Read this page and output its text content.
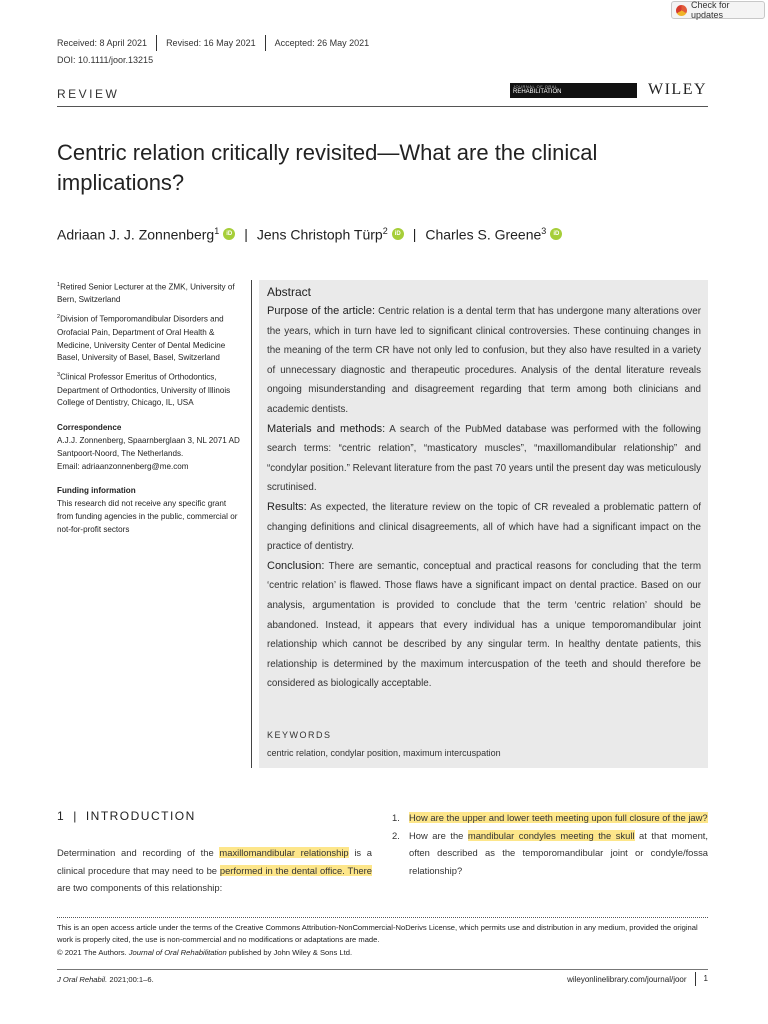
Check for updates
Received: 8 April 2021	Revised: 16 May 2021	Accepted: 26 May 2021
DOI: 10.1111/joor.13215
REVIEW
JOURNAL OF ORAL
REHABILITATION	WILEY
Centric relation critically revisited—What are the clinical implications?
Adriaan J. J. Zonnenberg$^1$	iD | Jens Christoph Türp$^2$	iD | Charles S. Greene$^3$	iD

$^1$Retired Senior Lecturer at the ZMK, University of Bern, Switzerland

$^2$Division of Temporomandibular Disorders and Orofacial Pain, Department of Oral Health & Medicine, University Center of Dental Medicine Basel, University of Basel, Basel, Switzerland

$^3$Clinical Professor Emeritus of Orthodontics, Department of Orthodontics, University of Illinois College of Dentistry, Chicago, IL, USA

Correspondence
A.J.J. Zonnenberg, Spaarnberglaan 3, NL 2071 AD Santpoort-Noord, The Netherlands.
Email: adriaanzonnenberg@me.com
Funding information
This research did not receive any specific grant from funding agencies in the public, commercial or not-for-profit sectors
Abstract

Purpose of the article: Centric relation is a dental term that has undergone many alterations over the years, which in turn have led to significant clinical controversies. These continuing changes in the meaning of the term CR have not only led to confusion, but they also have resulted in a variety of unnecessary diagnostic and therapeutic procedures. Analysis of the dental literature reveals ongoing misunderstanding and disagreement regarding that term among both clinicians and academic dentists.

Materials and methods: A search of the PubMed database was performed with the following search terms: “centric relation”, “masticatory muscles”, “maxillomandibular relationship” and “condylar position.” Relevant literature from the past 70 years until the present day was meticulously scrutinised.

Results: As expected, the literature review on the topic of CR revealed a problematic pattern of changing definitions and clinical disagreements, all of which have had a significant impact on the practice of dentistry.

Conclusion: There are semantic, conceptual and practical reasons for concluding that the term ‘centric relation’ is flawed. Those flaws have a significant impact on dental practice. Based on our analysis, argumentation is provided to conclude that the term ‘centric relation’ should be abandoned. Instead, it appears that every individual has a unique temporomandibular joint relationship which cannot be described by any singular term. In healthy dentate patients, this relationship is determined by the maximum intercuspation of the teeth and should therefore be considered as biologically acceptable.

KEYWORDS
centric relation, condylar position, maximum intercuspation
1 | INTRODUCTION

Determination and recording of the maxillomandibular relationship is a clinical procedure that may need to be performed in the dental office. There are two components of this relationship:

1. How are the upper and lower teeth meeting upon full closure of the jaw?
2. How are the mandibular condyles meeting the skull at that moment, often described as the temporomandibular joint or condyle/fossa relationship?
This is an open access article under the terms of the Creative Commons Attribution-NonCommercial-NoDerivs License, which permits use and distribution in any medium, provided the original work is properly cited, the use is non-commercial and no modifications or adaptations are made.
© 2021 The Authors. Journal of Oral Rehabilitation published by John Wiley & Sons Ltd.
J Oral Rehabil. 2021;00:1–6.	wileyonlinelibrary.com/journal/joor	1
